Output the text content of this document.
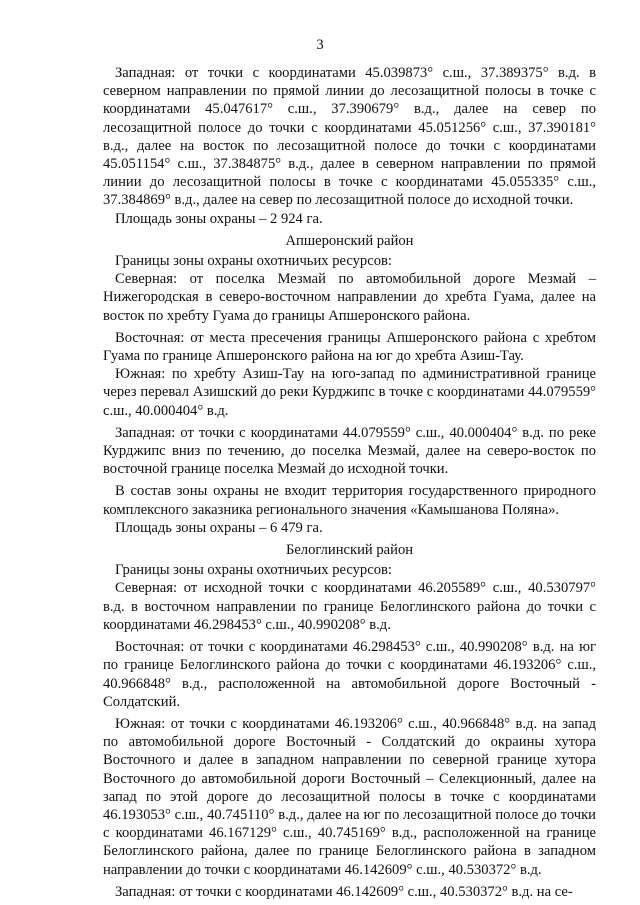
3

Западная: от точки с координатами 45.039873° с.ш., 37.389375° в.д. в северном направлении по прямой линии до лесозащитной полосы в точке с координатами 45.047617° с.ш., 37.390679° в.д., далее на север по лесозащитной полосе до точки с координатами 45.051256° с.ш., 37.390181° в.д., далее на восток по лесозащитной полосе до точки с координатами 45.051154° с.ш., 37.384875° в.д., далее в северном направлении по прямой линии до лесозащитной полосы в точке с координатами 45.055335° с.ш., 37.384869° в.д., далее на север по лесозащитной полосе до исходной точки.

Площадь зоны охраны – 2 924 га.

Апшеронский район

Границы зоны охраны охотничьих ресурсов:

Северная: от поселка Мезмай по автомобильной дороге Мезмай – Нижегородская в северо-восточном направлении до хребта Гуама, далее на восток по хребту Гуама до границы Апшеронского района.

Восточная: от места пресечения границы Апшеронского района с хребтом Гуама по границе Апшеронского района на юг до хребта Азиш-Тау.

Южная: по хребту Азиш-Тау на юго-запад по административной границе через перевал Азишский до реки Курджипс в точке с координатами 44.079559° с.ш., 40.000404° в.д.

Западная: от точки с координатами 44.079559° с.ш., 40.000404° в.д. по реке Курджипс вниз по течению, до поселка Мезмай, далее на северо-восток по восточной границе поселка Мезмай до исходной точки.

В состав зоны охраны не входит территория государственного природного комплексного заказника регионального значения «Камышанова Поляна».

Площадь зоны охраны – 6 479 га.

Белоглинский район

Границы зоны охраны охотничьих ресурсов:

Северная: от исходной точки с координатами 46.205589° с.ш., 40.530797° в.д. в восточном направлении по границе Белоглинского района до точки с координатами 46.298453° с.ш., 40.990208° в.д.

Восточная: от точки с координатами 46.298453° с.ш., 40.990208° в.д. на юг по границе Белоглинского района до точки с координатами 46.193206° с.ш., 40.966848° в.д., расположенной на автомобильной дороге Восточный - Солдатский.

Южная: от точки с координатами 46.193206° с.ш., 40.966848° в.д. на запад по автомобильной дороге Восточный - Солдатский до окраины хутора Восточного и далее в западном направлении по северной границе хутора Восточного до автомобильной дороги Восточный – Селекционный, далее на запад по этой дороге до лесозащитной полосы в точке с координатами 46.193053° с.ш., 40.745110° в.д., далее на юг по лесозащитной полосе до точки с координатами 46.167129° с.ш., 40.745169° в.д., расположенной на границе Белоглинского района, далее по границе Белоглинского района в западном направлении до точки с координатами 46.142609° с.ш., 40.530372° в.д.

Западная: от точки с координатами 46.142609° с.ш., 40.530372° в.д. на се-
